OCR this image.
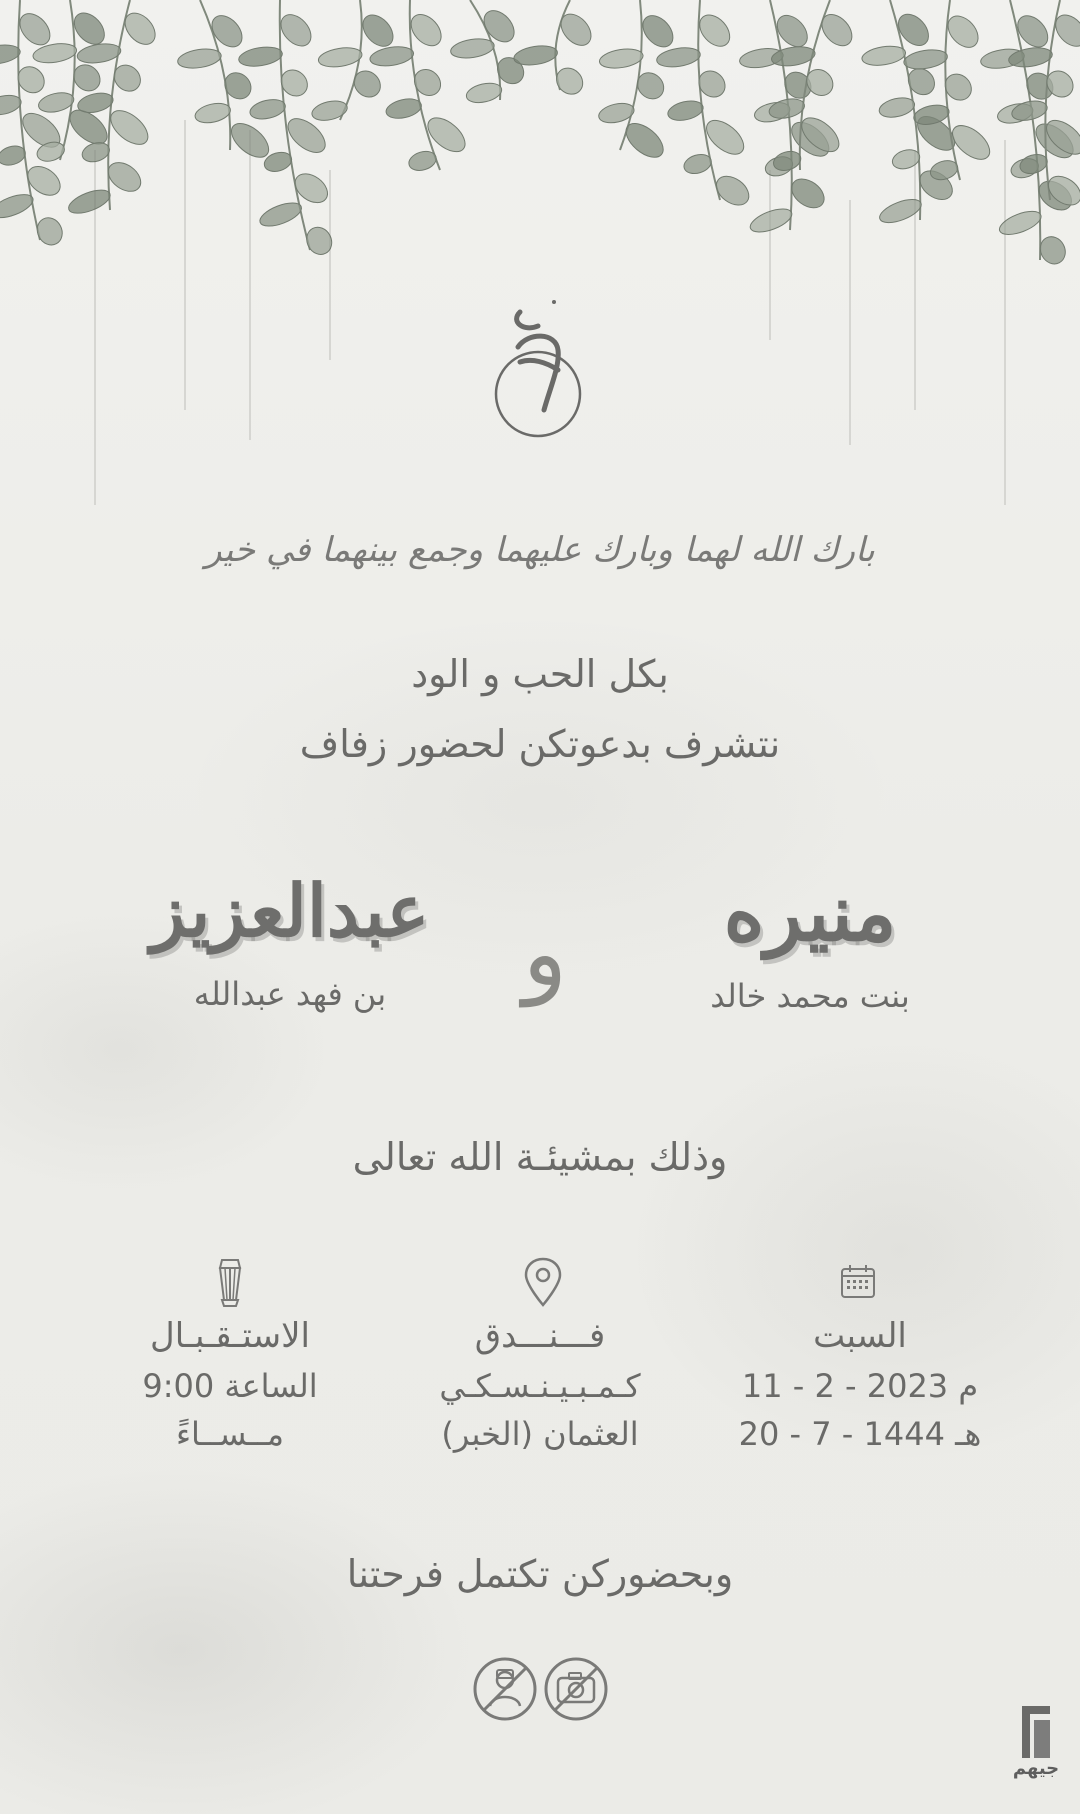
بارك الله لهما وبارك عليهما وجمع بينهما في خير
بكل الحب و الود
نتشرف بدعوتكن لحضور زفاف
منيره
بنت محمد خالد
و
عبدالعزيز
بن فهد عبدالله
وذلك بمشيئـة الله تعالى
السبت
11 - 2 - 2023 م
20 - 7 - 1444 هـ
فـــنـــدق
كـمـبـيـنـسـكـي
العثمان (الخبر)
الاستـقـبـال
الساعة 9:00
مــســاءً
وبحضوركن تكتمل فرحتنا
جيهم
